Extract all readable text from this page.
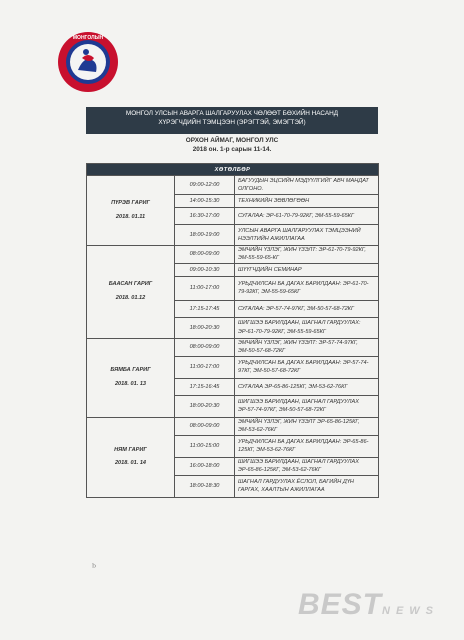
МОНГОЛЫН
МОНГОЛ УЛСЫН АВАРГА ШАЛГАРУУЛАХ ЧӨЛӨӨТ БӨХИЙН НАСАНД
ХҮРЭГЧДИЙН ТЭМЦЭЭН (ЭРЭГТЭЙ, ЭМЭГТЭЙ)
ОРХОН АЙМАГ, МОНГОЛ УЛС
2018 он. 1-р сарын 11-14.
ХӨТӨЛБӨР		

ПҮРЭВ ГАРИГ
2018. 01.11	09:00-12:00	БАГУУДЫН ЭЦСИЙН МЭДҮҮЛГИЙГ АВЧ МАНДАТ ОЛГОНО.
	14:00-15:30	ТЕХНИКИЙН ЗӨВЛӨГӨӨН
	16:30-17:00	СУГАЛАА: ЭР-61-70-79-92КГ, ЭМ-55-59-65КГ
	18:00-19:00	УЛСЫН АВАРГА ШАЛГАРУУЛАХ ТЭМЦЭЭНИЙ НЭЭЛТИЙН АЖИЛЛАГАА

БААСАН ГАРИГ
2018. 01.12	08:00-09:00	ЭМЧИЙН ҮЗЛЭГ, ЖИН ҮЗЭЛТ: ЭР-61-70-79-92КГ, ЭМ-55-59-65-КГ
	09:00-10:30	ШҮҮГЧДИЙН СЕМИНАР
	11:00-17:00	УРЬДЧИЛСАН БА ДАГАХ БАРИЛДААН: ЭР-61-70-79-92КГ, ЭМ-55-59-65КГ
	17:15-17:45	СУГАЛАА: ЭР-57-74-97КГ, ЭМ-50-57-68-72КГ
	18:00-20:30	ШИГШЭЭ БАРИЛДААН, ШАГНАЛ ГАРДУУЛАХ: ЭР-61-70-79-92КГ, ЭМ-55-59-65КГ

БЯМБА ГАРИГ
2018. 01. 13	08:00-09:00	ЭМЧИЙН ҮЗЛЭГ, ЖИН ҮЗЭЛТ: ЭР-57-74-97КГ, ЭМ-50-57-68-72КГ
	11:00-17:00	УРЬДЧИЛСАН БА ДАГАХ БАРИЛДААН: ЭР-57-74-97КГ, ЭМ-50-57-68-72КГ
	17:15-16:45	СУГАЛАА ЭР-65-86-125КГ, ЭМ-53-62-76КГ
	18:00-20:30	ШИГШЭЭ БАРИЛДААН, ШАГНАЛ ГАРДУУЛАХ ЭР-57-74-97КГ, ЭМ-50-57-68-72КГ

НЯМ ГАРИГ
2018. 01. 14	08:00-09:00	ЭМЧИЙН ҮЗЛЭГ, ЖИН ҮЗЭЛТ ЭР-65-86-125КГ, ЭМ-53-62-76КГ
	11:00-15:00	УРЬДЧИЛСАН БА ДАГАХ БАРИЛДААН: ЭР-65-86-125КГ, ЭМ-53-62-76КГ
	16:00-18:00	ШИГШЭЭ БАРИЛДААН, ШАГНАЛ ГАРДУУЛАХ ЭР-65-86-125КГ, ЭМ-53-62-76КГ
	18:00-18:30	ШАГНАЛ ГАРДУУЛАХ ЁСЛОЛ, БАГИЙН ДҮН ГАРГАХ, ХААЛТЫН АЖИЛЛАГАА
ᵇ
BESTNEWS
